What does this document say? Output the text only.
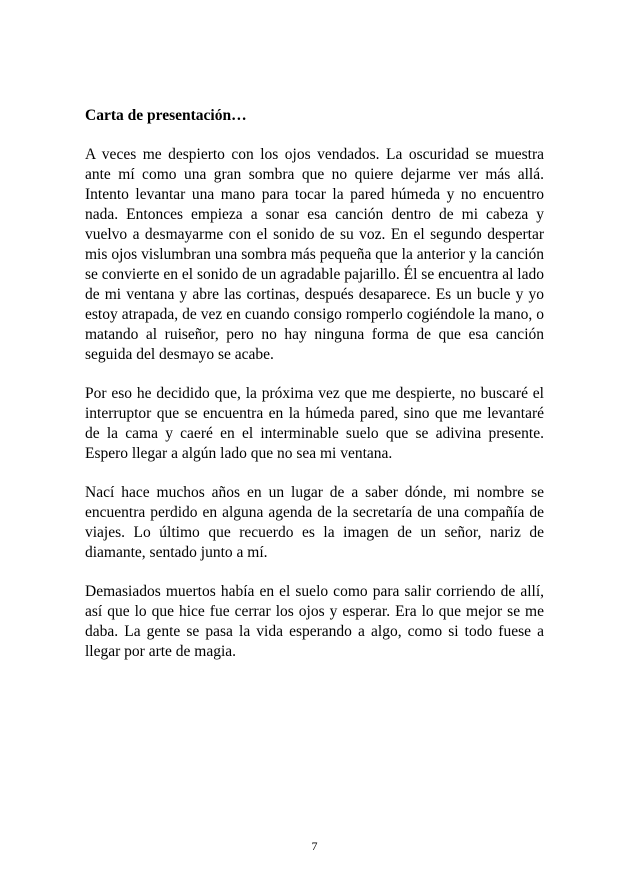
Carta de presentación…

A veces me despierto con los ojos vendados. La oscuridad se muestra ante mí como una gran sombra que no quiere dejarme ver más allá. Intento levantar una mano para tocar la pared húmeda y no encuentro nada. Entonces empieza a sonar esa canción dentro de mi cabeza y vuelvo a desmayarme con el sonido de su voz. En el segundo despertar mis ojos vislumbran una sombra más pequeña que la anterior y la canción se convierte en el sonido de un agradable pajarillo. Él se encuentra al lado de mi ventana y abre las cortinas, después desaparece. Es un bucle y yo estoy atrapada, de vez en cuando consigo romperlo cogiéndole la mano, o matando al ruiseñor, pero no hay ninguna forma de que esa canción seguida del desmayo se acabe.

Por eso he decidido que, la próxima vez que me despierte, no buscaré el interruptor que se encuentra en la húmeda pared, sino que me levantaré de la cama y caeré en el interminable suelo que se adivina presente. Espero llegar a algún lado que no sea mi ventana.

Nací hace muchos años en un lugar de a saber dónde, mi nombre se encuentra perdido en alguna agenda de la secretaría de una compañía de viajes. Lo último que recuerdo es la imagen de un señor, nariz de diamante, sentado junto a mí.

Demasiados muertos había en el suelo como para salir corriendo de allí, así que lo que hice fue cerrar los ojos y esperar. Era lo que mejor se me daba. La gente se pasa la vida esperando a algo, como si todo fuese a llegar por arte de magia.

7
